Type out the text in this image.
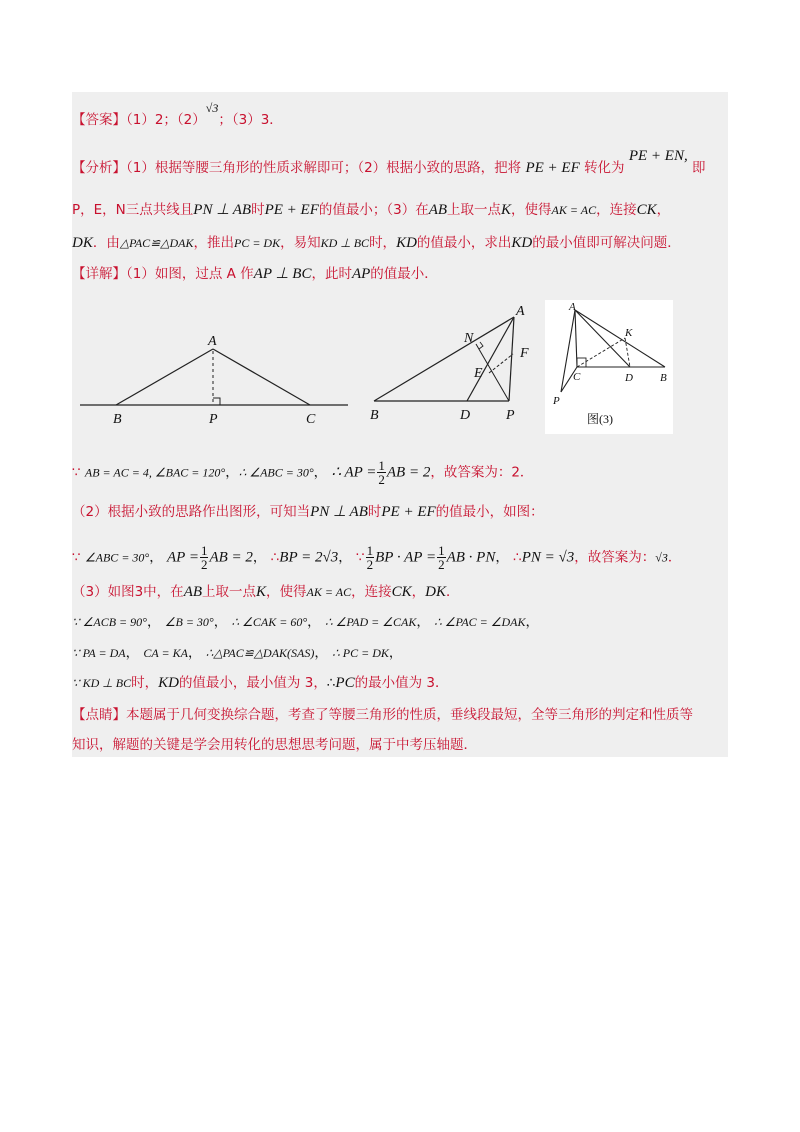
【答案】（1）2；（2）√3；（3）3．
【分析】（1）根据等腰三角形的性质求解即可；（2）根据小致的思路，把将 PE + EF 转化为 PE + EN, 即
P，E，N三点共线且PN ⊥ AB时PE + EF的值最小；（3）在AB上取一点K，使得AK = AC，连接CK，
DK．由△PAC≌△DAK，推出PC = DK，易知KD ⊥ BC时，KD的值最小，求出KD的最小值即可解决问题．
【详解】（1）如图，过点 A 作AP ⊥ BC，此时AP的值最小．
A
B	P	C
A
N
E
F
B	D	P
A
K
C	D B
P
图(3)
∵ AB = AC = 4, ∠BAC = 120°，∴ ∠ABC = 30°， ∴ AP = $\frac{1}{2}$ AB = 2，故答案为：2．
（2）根据小致的思路作出图形，可知当PN ⊥ AB时PE + EF的值最小，如图：
∵ ∠ABC = 30°， AP = $\frac{1}{2}$ AB = 2， ∴BP = 2√3， ∵ $\frac{1}{2}$ BP · AP = $\frac{1}{2}$ AB · PN， ∴PN = √3，故答案为：√3．
（3）如图3中，在AB上取一点K，使得AK = AC，连接CK，DK．
∵ ∠ACB = 90°， ∠B = 30°， ∴ ∠CAK = 60°， ∴ ∠PAD = ∠CAK， ∴ ∠PAC = ∠DAK，
∵ PA = DA， CA = KA， ∴△PAC≌△DAK(SAS)， ∴ PC = DK，
∵ KD ⊥ BC时，KD的值最小，最小值为 3，∴PC的最小值为 3．
【点睛】本题属于几何变换综合题，考查了等腰三角形的性质，垂线段最短，全等三角形的判定和性质等
知识，解题的关键是学会用转化的思想思考问题，属于中考压轴题．
